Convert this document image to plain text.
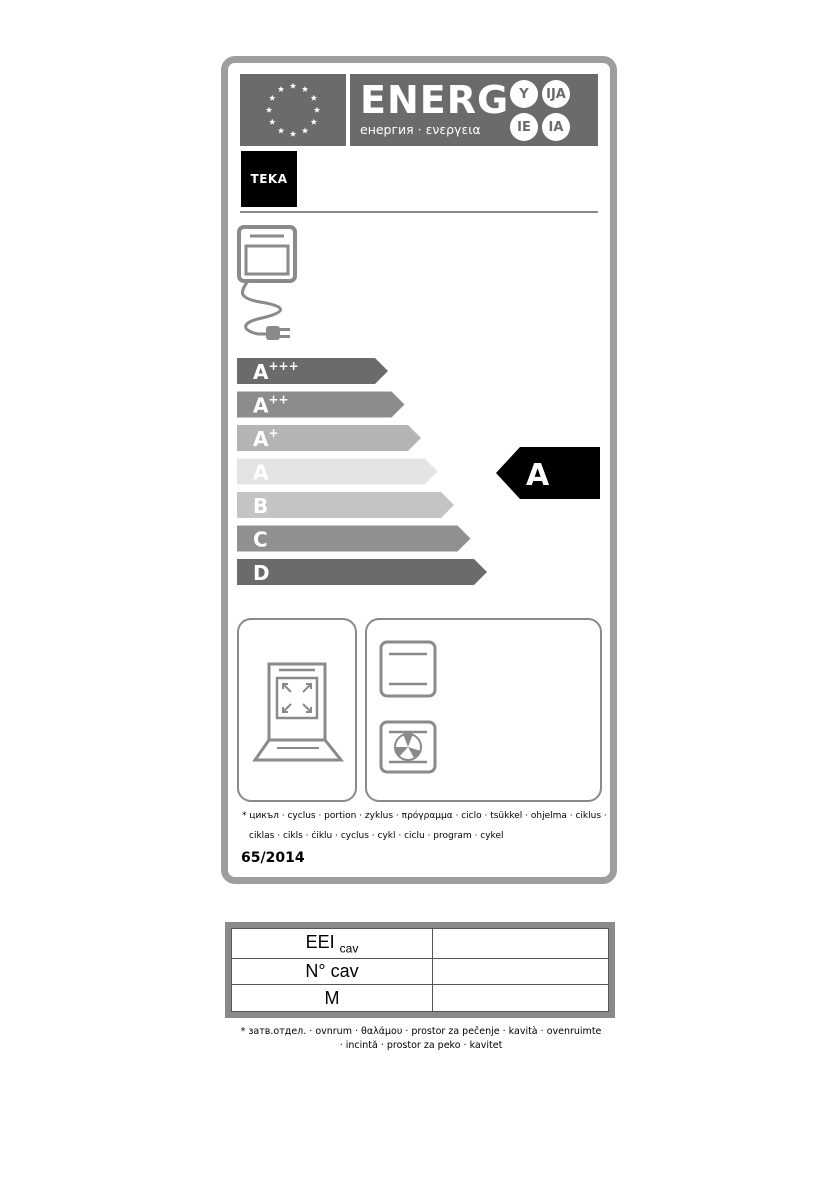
ENERG
енергия · ενεργεια
Y	IJA
IE	IA
TEKA
A+++
A++
A+
A
B
C
D
A
* цикъл · cyclus · portion · zyklus · πρόγραμμα · ciclo · tsükkel · ohjelma · ciklus ·
ciklas · cikls · ċiklu · cyclus · cykl · ciclu · program · cykel
65/2014
EEI $_{cav}$	
N° cav	
M	
* затв.отдел. · ovnrum · θαλάμου · prostor za pečenje · kavità · ovenruimte
· incintă · prostor za peko · kavitet
